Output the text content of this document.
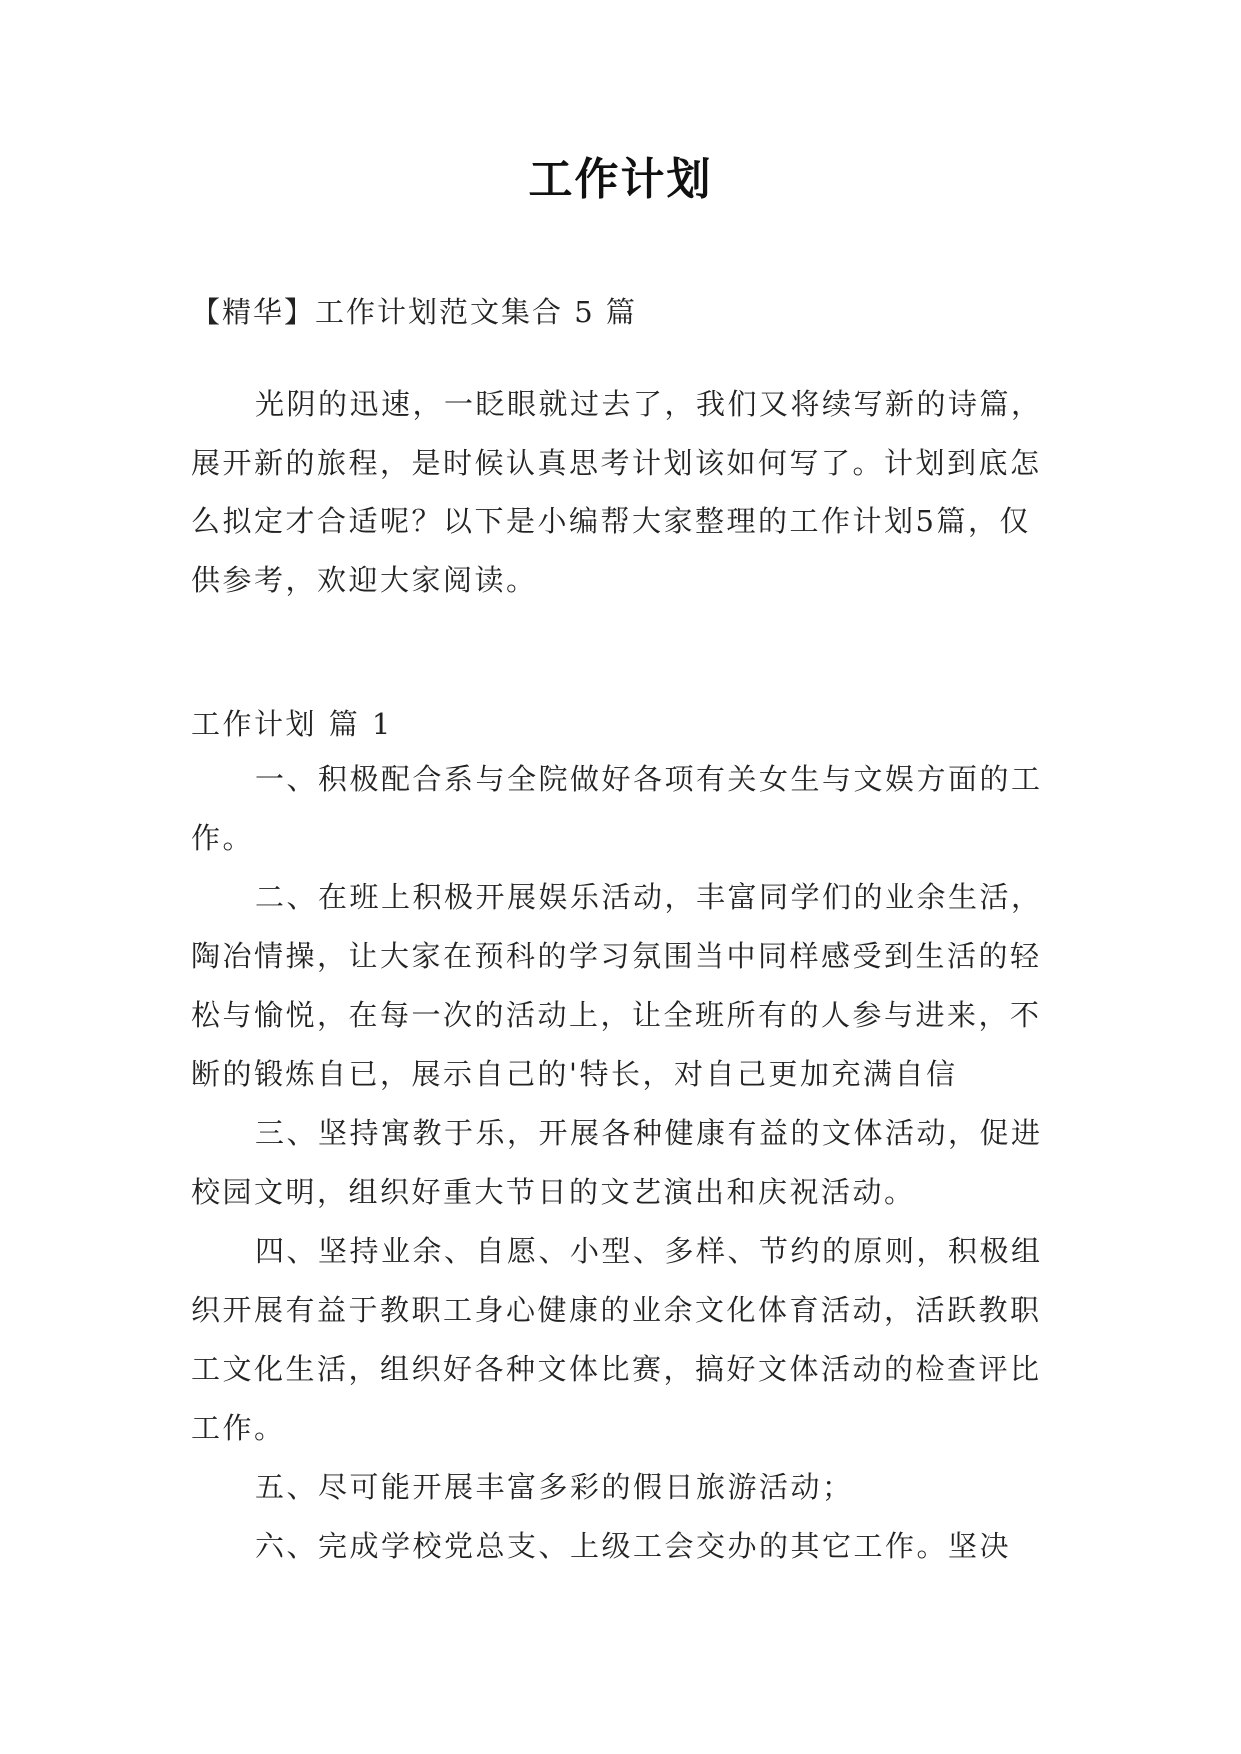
工作计划
【精华】工作计划范文集合 5 篇

光阴的迅速，一眨眼就过去了，我们又将续写新的诗篇，展开新的旅程，是时候认真思考计划该如何写了。计划到底怎么拟定才合适呢？以下是小编帮大家整理的工作计划5篇，仅供参考，欢迎大家阅读。

工作计划 篇 1

一、积极配合系与全院做好各项有关女生与文娱方面的工作。

二、在班上积极开展娱乐活动，丰富同学们的业余生活，陶冶情操，让大家在预科的学习氛围当中同样感受到生活的轻松与愉悦，在每一次的活动上，让全班所有的人参与进来，不断的锻炼自已，展示自己的'特长，对自己更加充满自信

三、坚持寓教于乐，开展各种健康有益的文体活动，促进校园文明，组织好重大节日的文艺演出和庆祝活动。

四、坚持业余、自愿、小型、多样、节约的原则，积极组织开展有益于教职工身心健康的业余文化体育活动，活跃教职工文化生活，组织好各种文体比赛，搞好文体活动的检查评比工作。

五、尽可能开展丰富多彩的假日旅游活动；

六、完成学校党总支、上级工会交办的其它工作。坚决
